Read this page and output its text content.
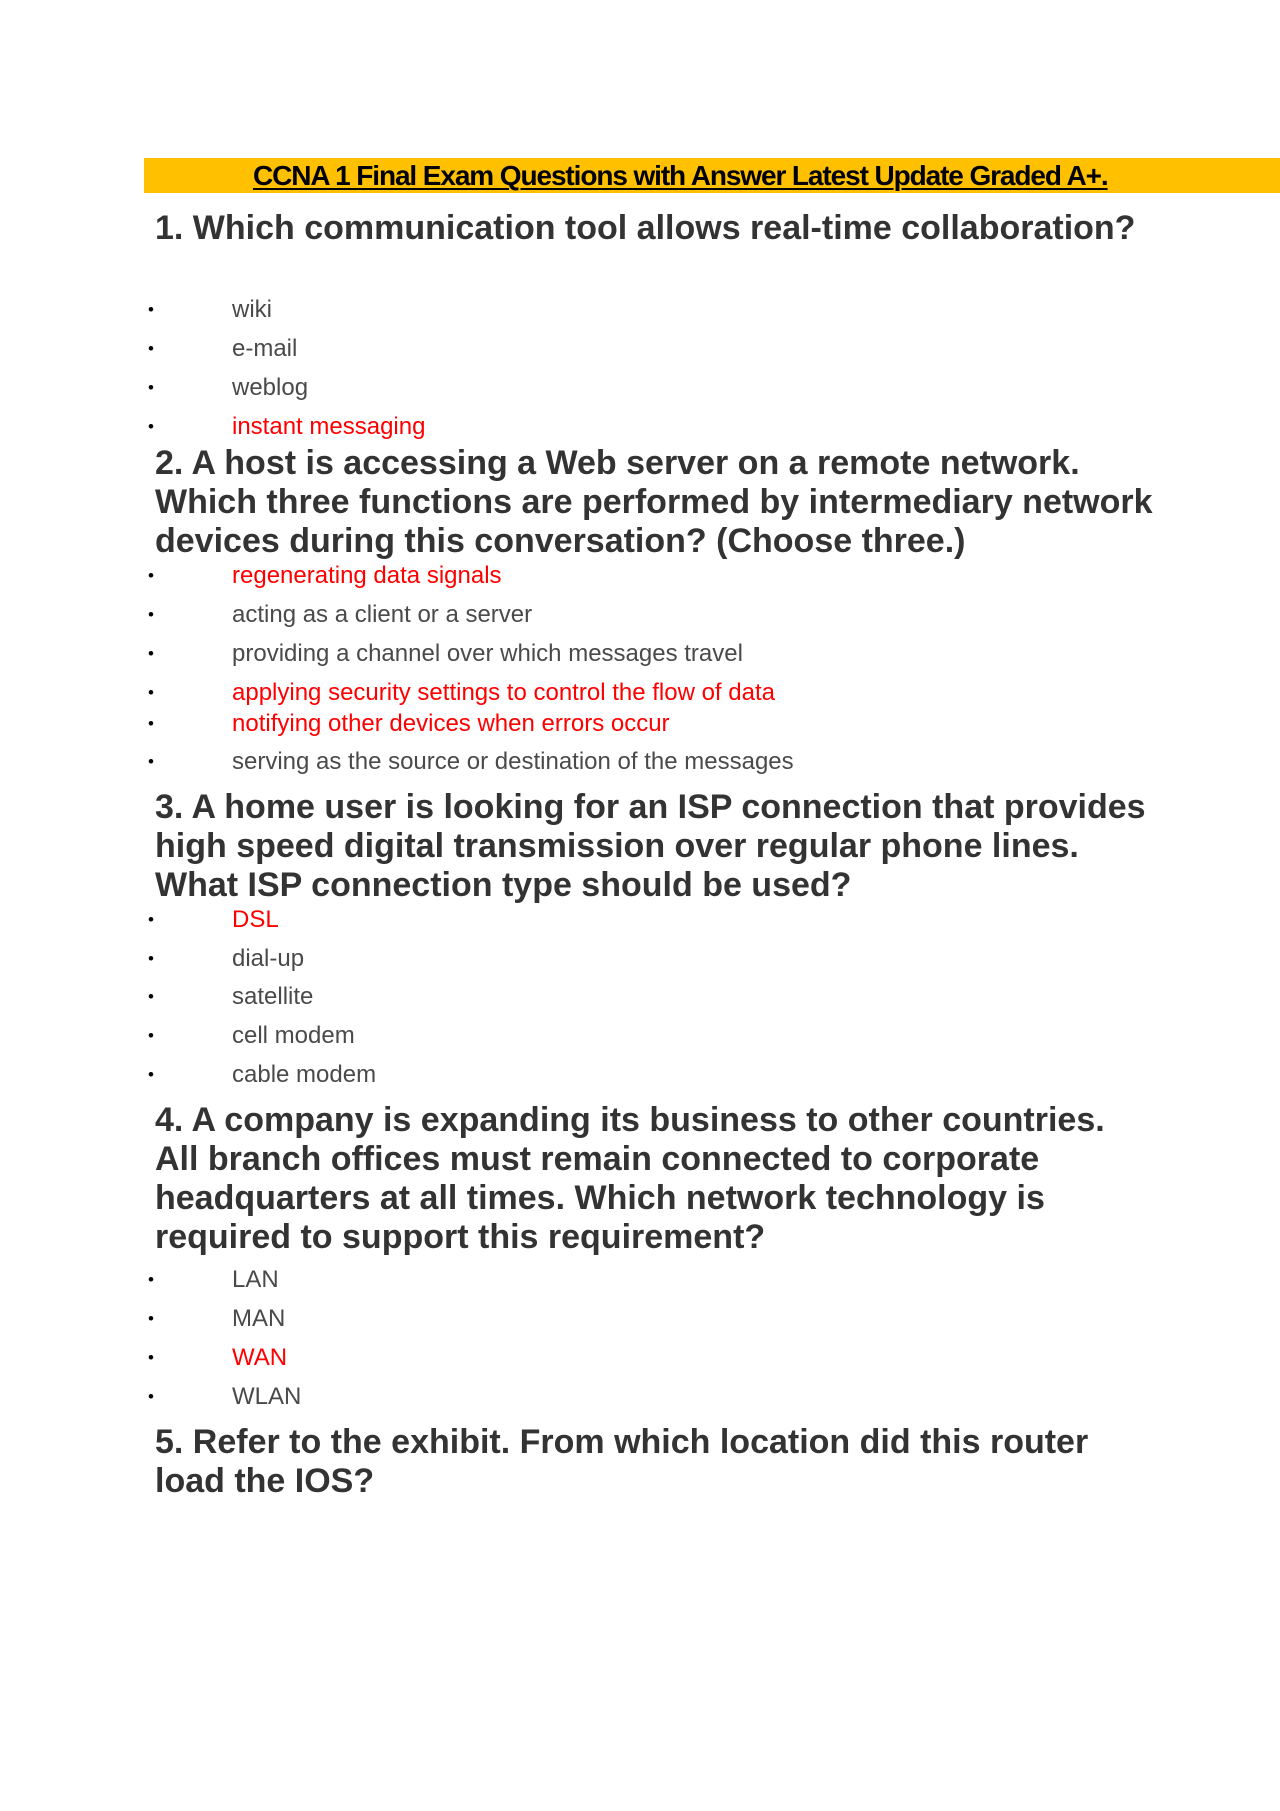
CCNA 1 Final Exam Questions with Answer Latest Update Graded A+.
1. Which communication tool allows real-time collaboration?
•	wiki
•	e-mail
•	weblog
•	instant messaging
2. A host is accessing a Web server on a remote network. Which three functions are performed by intermediary network devices during this conversation? (Choose three.)
•	regenerating data signals
•	acting as a client or a server
•	providing a channel over which messages travel
•	applying security settings to control the flow of data
•	notifying other devices when errors occur
•	serving as the source or destination of the messages
3. A home user is looking for an ISP connection that provides high speed digital transmission over regular phone lines. What ISP connection type should be used?
•	DSL
•	dial-up
•	satellite
•	cell modem
•	cable modem
4. A company is expanding its business to other countries. All branch offices must remain connected to corporate headquarters at all times. Which network technology is required to support this requirement?
•	LAN
•	MAN
•	WAN
•	WLAN
5. Refer to the exhibit. From which location did this router load the IOS?
